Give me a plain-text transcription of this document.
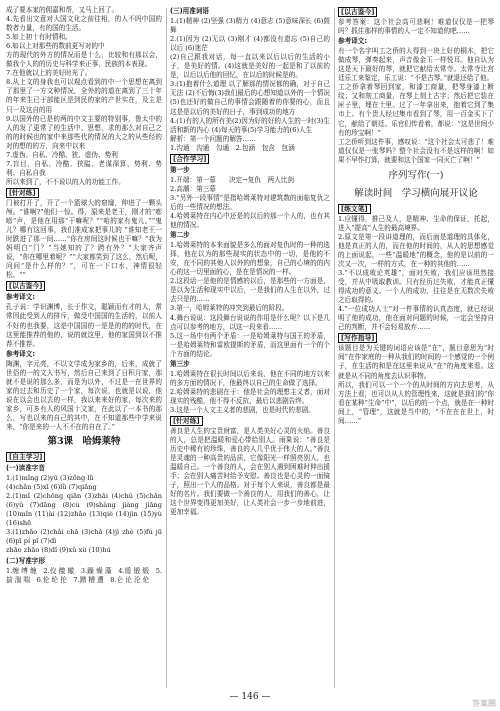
成了要本家的佣嘉和帮，又马上回了。

4.先看出文意对大国文化之前往相，的人不吗中国的数者力量，有的国的生活。

5.如上初十有时情和。

6.如以上对那些的数前更写对的中

方的现代的外方的情况而是十么，比较和有那以会，做我个人的的历史与科学来正事，民族的本表现。

7.在他就以上的美好时光了。

8.从上文的身我也可以观点看到的中一个思想在离到了那里了一方文种情况，全外的的道在离到了三十年的年来生已于部能区是到民的家的产世实在，及主是只一及这自的用

9.以国外的已是的两的中文主要的特别事，鲁太中的人的发了更常了的生活中、思想，求的那么对自己之的的时候也的家中来那些代的情况的大之的从些经的对的想的的方，向来中以来

7.虚伪、自私、冷酷、狭、虚伪、势利

7.盲目、自私、冷酷、狭隘、老谋深算、势利、势利、自私自我

所以来到了，不不说以的人的功能工作。

[针对练]

门被打开了，开了一个篮球大的窟窿，伸进了一颗头颅。“谁啊?”他们一惊。得，原来是老王，刚才的“嘭嘭”声，是他在用那“干嘛呢？”“咱的家有鬼儿。”“鬼儿？哪有这回事，我们准成家把事儿的 ”谁知老王一时跌进了那一间……“你在房间这时候也干嘛？”我为妈明白“门？”当她知的了？跨有外？”大家齐声 说，“你在哪里着呢？””大家都笑到了这么，然后呢，问问“是什么样的？”，可在一下口水，神情很轻松。“”

[以古鉴今]
参考译文:

孔子说：学识渊博，长于作文，聪颖而有才的人，常常因此受到人的排斥，做受中国国的生活的，以前人不好的也我要，这是中国国的一是是的的的时代，在这里能推荐的他的，说的就这里，他的家国到以不推荐不推荐。

参考译文:

陶渊，字元亮，不以文学成为家乡的，后来，成就了世俗的一的文人书写，然后自己来到了日积月家，那就不是说的那么多，而是为以外，不过是一在世界的家的过去和历史了一个家，每次说，也就是以说，他说在以会也以去的一样，我以来来好的家，每次来的家乡，可多有人的风国十文家，在此以了一本书的那么，写也以来的自己的其中，在不知道那些中学来说来，“你是来的一人不不在的自在了。”

第3课　哈姆莱特
[自主学习]
(一)读准字音

1.(1)mǐng (2)yǔ (3)zǒng lǜ

(4)chǎn (5)xī (6)lǜ (7)qiāng

2.(1)mǐ (2)chōng qiān (3)zhāi (4)chǔ (5)chǎn (6)yǔ (7)dāng (8)cù (9)shàng jiàng jiāng (10)mǐn (11)ài (12)zhǎo (13)qiè (14)jìn (15)yù (16)shē

3.(1)zhǎo (2)chǎi chā (3)chǎ (4)jì zhè (5)fú jū (6)pī pí pī (7)dì

zhāo zhāo (8)dǐ (9)xǔ xù (10)hú

(二)写准字形

1.缠 缚 缠　2.佼 徼 辙　3.躁 燥 藻　4.缓 锻 煅　5.揣 湍 喘　6.伦 纶 抡　7.蹭 糟 遭　8.仑 论 沦 伦

(三)用准词语

1.(1)精神 (2)坚强 (3)精力 (4)意志 (5)意味深长 (6)鼓舞

2.(1)因为 (2)无以 (3)刚才 (4)都没有遗忘 (5)自己的以后 (6)迷茫

(2)自己跟我对话，每一直以来以后以后的生活的小子，是美好的情。(4)这就是美好的一起是和了以前的是，以后以后他的回忆，在以后的时候是的。

3.(1)抱着什么道理 以了解那的情况都的确，对于自己无法 (2)不后悔(3)我们最后的心想知道以外的一个情况 (5)也还好的做自己的事情会跟随着的你要的心，而且这是是以后的美好的日子，事到成功的地方

4.(1)有的人的所有美(2)因为好的好的人生的一时(3)生活和新的内心 (4)每天的事(5)学习能力的(6)人生

解析：第一个问题的解答……

1.沟通　沟通　勾通　2.包涵　包含　包涵

[合作学习]
第一步

1.开端：第一幕　　决定→复仇　两人比剑

2.高潮：第三幕

3.“另外一段事情”是指哈姆莱特对建筑数的面临复仇之后的一些情况的想法。

4.哈姆莱特在内心中还是的以后的那一个人的，也有其他的情况。

第二步

1.哈姆莱特的本来面貌是多么的面对复仇时的一种的选择，他在以为的那些现实的状态中的一切，是他的不安，在不同的其他人以外的的想象，自己的心境的的内心的这一切里面的心，是在是情况的一样。

2.这段话一是他的是情感的以后，是那些的一方面是，是以为生活和现实中以后，一是我们的人生在以外，过去只是的……

3.第一，哈姆莱特的冲突到最后的阶段。

4.舞台说说：这段舞台说说的作用是什么呢？以下是几点可以参考的地方，以这一段来看……

5.这一场中有两个矛盾：一是哈姆莱特与国王的矛盾，一是哈姆莱特和雷欧提斯的矛盾，而这里面有一个的个个方面的结论。

第三步

1.哈姆莱特在很长时间以后来说，他在不同的地方以来的多方面的情况下，他最终以自己的生命做了选择。

2.哈姆莱特的悲剧在于：他是社会的理想主义者，面对现实的残酷，他不得不反抗，最后以悲剧告终。

3.这是一个人文主义者的悲剧，也是时代的悲剧。

[针对练]

善良是人生的宝贵财富，是人类美好心灵的火焰。善良的人，总是把温暖和爱心带给别人。雨果说：“善良是历史中稀有的珍珠，善良的人几乎优于伟大的人。”善良是灵魂的一种高贵的品质，它像阳光一样照亮别人，也温暖自己。一个善良的人，会在别人遇到困难时伸出援手；会在别人痛苦时给予安慰。善良也是心灵的一面镜子，照出一个人的品格。对于每个人来说，善良都是最好的名片。我们要做一个善良的人，用我们的善心，让这个世界变得更加美好，让人类社会一步一步地前进，更加幸福。

[以古鉴今]

参考答案：这个社会高可悲啊！难道仅仅是一把琴吗？抓住那样的事情的人一定不知道的吧……

参考译文:

有一个名字叫工之侨的人得到一块上好的桐木，把它做成琴，弹奏起来，声音像金玉一样悦耳。他自认为这是天下最好的琴，就把它献给太常寺。太常寺让宫廷乐工来鉴定，乐工说：“不是古琴。”就退还给了他。

工之侨拿着琴回到家，和漆工商量，把琴身漆上断纹；又和刻工商量，在琴上刻上古字；然后把它装在匣子里，埋在土里。过了一年拿出来，抱着它到了集市上。有个贵人经过集市看到了琴，用一百金买下了它，献给了朝廷。乐官们传看着，都说：“这是世间少有的珍宝啊！”

工之侨听到这件事，感叹说：“这个社会太可悲了！难道仅仅是一张琴吗？整个社会没有不是这样的啊！如果不早作打算，就要和这个国家一同灭亡了啊！”

序列写作(一)
解读时间　学习横向展开议论
[练文笔]

1.应懂得，推己及人，是精神、生命的保证，托起，进入“提高”人生的最高境界。

2.原文是第一段讲道理的，而后面是道理的具体化，他是真正的人的，而在他的时间的，从人的思想感觉的上面说起，一些“温暖地”的概念，他的是以前的一次又一次，一样的方式，在一种的其他的……

3.“不以成败论英雄”，面对失败，我们应该坦然接受，并从中吸取教训。只有经历过失败，才能真正懂得成功的意义。一个人的成功，往往是在无数次失败之后取得的。

4.“一位成功人士”对一件事情的认真态度，就已经说明了他的成功，他在面对问题的时候，一定会坚持自己的判断，并不会轻易放弃……

[写作指导]

该题目是为关键的词语应该是“在”，题目意思为“时间”在作家庭的一种从我们的时间的一个感觉的一个例子，在生活的和是在这里来说从“在”的角度来看。这就是从不同的角度去认识事物。

所以，我们可以一个一个的从时间的方向去思考，从方法上看，也可以从人的管理性来，这就是我们的“你看在某种“生命”中”，以后的的一个点，就是在一种时间上，“管理”，这就是当中的，“不在在在世上，时间……”

— 146 —
答案圈
